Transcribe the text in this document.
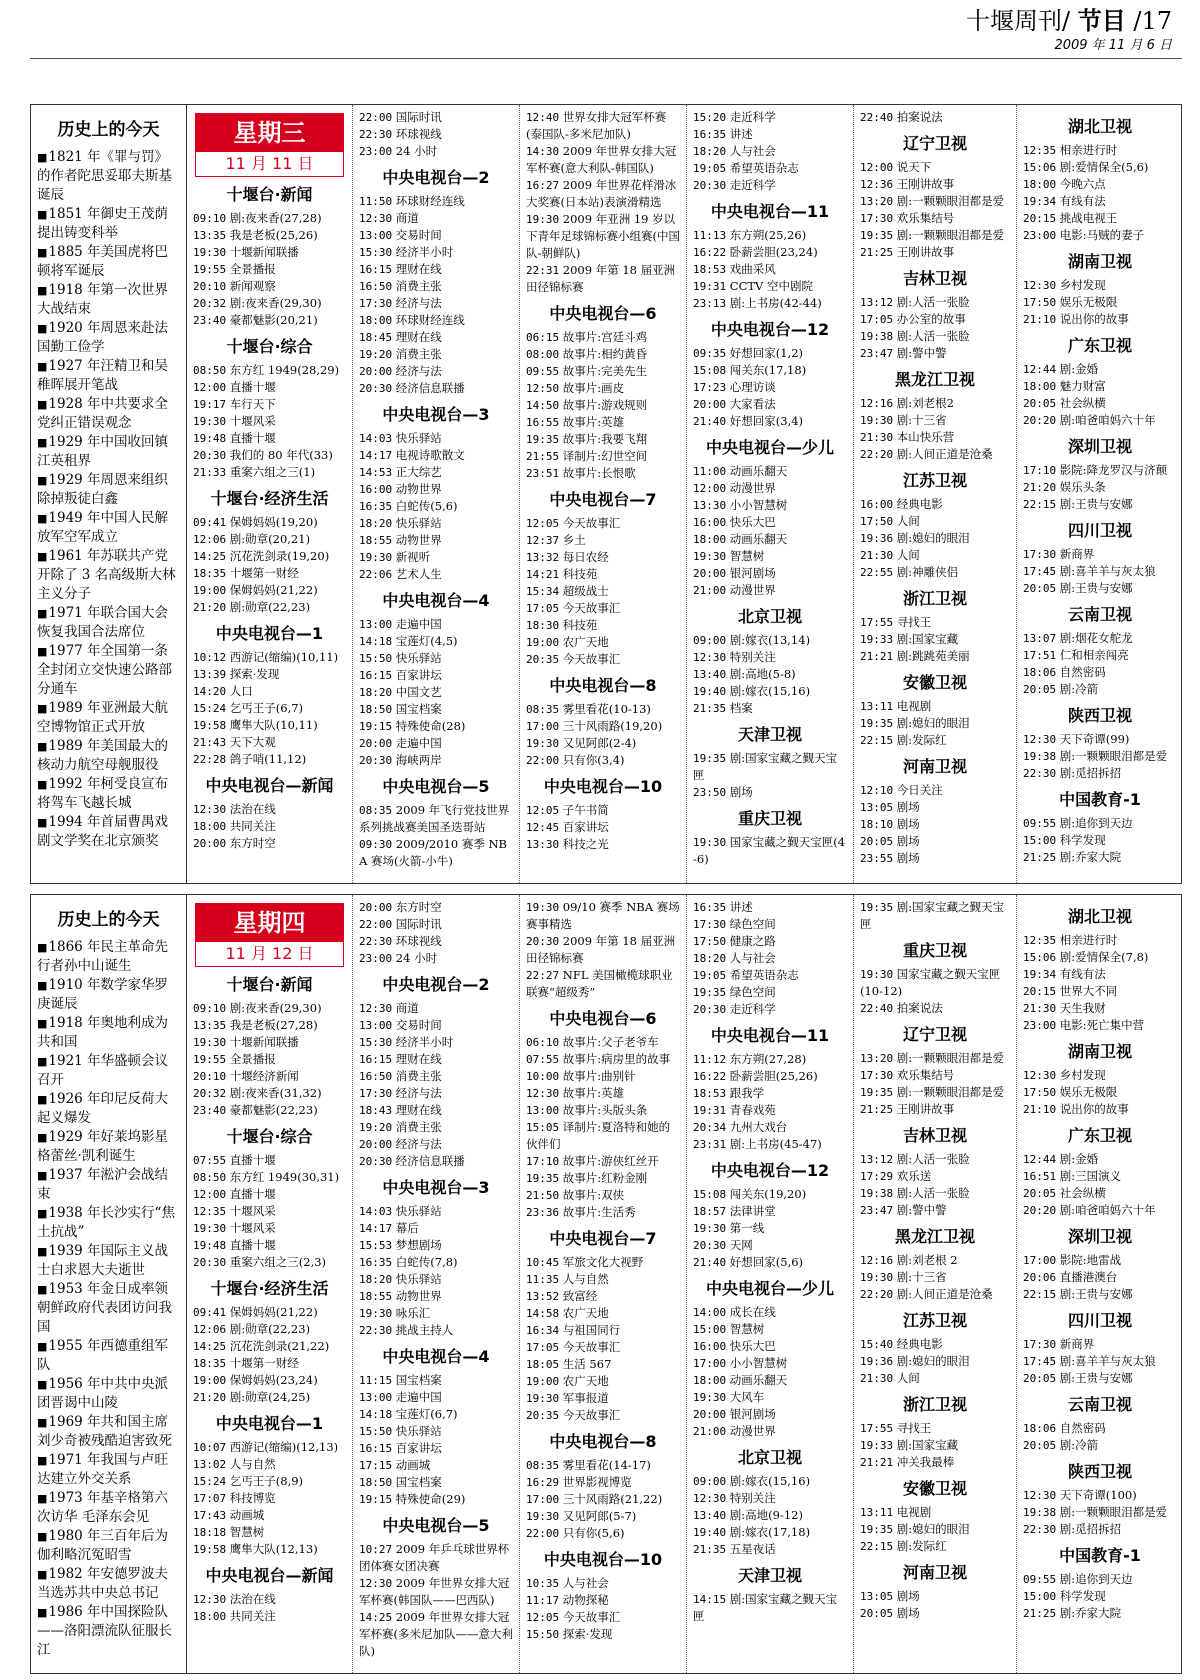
十堰周刊/ 节目 /17
2009 年 11 月 6 日
历史上的今天

■ 1821 年《罪与罚》的作者陀思妥耶夫斯基诞辰

■ 1851 年御史王茂荫提出铸变科举

■ 1885 年美国虎将巴顿将军诞辰

■ 1918 年第一次世界大战结束

■ 1920 年周恩来赴法国勤工俭学

■ 1927 年汪精卫和吴稚晖展开笔战

■ 1928 年中共要求全党纠正错误观念

■ 1929 年中国收回镇江英租界

■ 1929 年周恩来组织除掉叛徒白鑫

■ 1949 年中国人民解放军空军成立

■ 1961 年苏联共产党开除了 3 名高级斯大林主义分子

■ 1971 年联合国大会恢复我国合法席位

■ 1977 年全国第一条全封闭立交快速公路部分通车

■ 1989 年亚洲最大航空博物馆正式开放

■ 1989 年美国最大的核动力航空母舰服役

■ 1992 年柯受良宣布将驾车飞越长城

■ 1994 年首届曹禺戏剧文学奖在北京颁奖

星期三
11 月 11 日
十堰台·新闻

09:10 剧:夜来香(27,28)

13:35 我是老板(25,26)

19:30 十堰新闻联播

19:55 全景播报

20:10 新闻观察

20:32 剧:夜来香(29,30)

23:40 豪都魅影(20,21)

十堰台·综合

08:50 东方红 1949(28,29)

12:00 直播十堰

19:17 车行天下

19:30 十堰风采

19:48 直播十堰

20:30 我们的 80 年代(33)

21:33 重案六组之三(1)

十堰台·经济生活

09:41 保姆妈妈(19,20)

12:06 剧:勋章(20,21)

14:25 沉花洗剑录(19,20)

18:35 十堰第一财经

19:00 保姆妈妈(21,22)

21:20 剧:勋章(22,23)

中央电视台—1

10:12 西游记(缩编)(10,11)

13:39 探索·发现

14:20 人口

15:24 乞丐王子(6,7)

19:58 鹰隼大队(10,11)

21:43 天下大观

22:28 鸽子哨(11,12)

中央电视台—新闻

12:30 法治在线

18:00 共同关注

20:00 东方时空

22:00 国际时讯

22:30 环球视线

23:00 24 小时

中央电视台—2

11:50 环球财经连线

12:30 商道

13:00 交易时间

15:30 经济半小时

16:15 理财在线

16:50 消费主张

17:30 经济与法

18:00 环球财经连线

18:45 理财在线

19:20 消费主张

20:00 经济与法

20:30 经济信息联播

中央电视台—3

14:03 快乐驿站

14:17 电视诗歌散文

14:53 正大综艺

16:00 动物世界

16:35 白蛇传(5,6)

18:20 快乐驿站

18:55 动物世界

19:30 新视听

22:06 艺术人生

中央电视台—4

13:00 走遍中国

14:18 宝莲灯(4,5)

15:50 快乐驿站

16:15 百家讲坛

18:20 中国文艺

18:50 国宝档案

19:15 特殊使命(28)

20:00 走遍中国

20:30 海峡两岸

中央电视台—5

08:35 2009 年飞行党技世界系列挑战赛美国圣迭哥站

09:30 2009/2010 赛季 NBA 赛场(火箭-小牛)

12:40 世界女排大冠军杯赛(泰国队-多米尼加队)

14:30 2009 年世界女排大冠军杯赛(意大利队-韩国队)

16:27 2009 年世界花样滑冰大奖赛(日本站)表演滑精选

19:30 2009 年亚洲 19 岁以下青年足球锦标赛小组赛(中国队-朝鲜队)

22:31 2009 年第 18 届亚洲田径锦标赛

中央电视台—6

06:15 故事片:宫廷斗鸡

08:00 故事片:相约黄昏

09:55 故事片:完美先生

12:50 故事片:画皮

14:50 故事片:游戏规则

16:55 故事片:英雄

19:35 故事片:我要飞翔

21:55 译制片:幻世空间

23:51 故事片:长恨歌

中央电视台—7

12:05 今天故事汇

12:37 乡土

13:32 每日农经

14:21 科技苑

15:34 超级战士

17:05 今天故事汇

18:30 科技苑

19:00 农广天地

20:35 今天故事汇

中央电视台—8

08:35 雾里看花(10-13)

17:00 三十风雨路(19,20)

19:30 又见阿郎(2-4)

22:00 只有你(3,4)

中央电视台—10

12:05 子午书简

12:45 百家讲坛

13:30 科技之光

15:20 走近科学

16:35 讲述

18:20 人与社会

19:05 希望英语杂志

20:30 走近科学

中央电视台—11

11:13 东方朔(25,26)

16:22 卧薪尝胆(23,24)

18:53 戏曲采风

19:31 CCTV 空中剧院

23:13 剧:上书房(42-44)

中央电视台—12

09:35 好想回家(1,2)

15:08 闯关东(17,18)

17:23 心理访谈

20:00 大家看法

21:40 好想回家(3,4)

中央电视台—少儿

11:00 动画乐翻天

12:00 动漫世界

13:30 小小智慧树

16:00 快乐大巴

18:00 动画乐翻天

19:30 智慧树

20:00 银河剧场

21:00 动漫世界

北京卫视

09:00 剧:嫁衣(13,14)

12:30 特别关注

13:40 剧:高地(5-8)

19:40 剧:嫁衣(15,16)

21:35 档案

天津卫视

19:35 剧:国家宝藏之觐天宝匣

23:50 剧场

重庆卫视

19:30 国家宝藏之觐天宝匣(4-6)

22:40 拍案说法

辽宁卫视

12:00 说天下

12:36 王刚讲故事

13:20 剧:一颗颗眼泪都是爱

17:30 欢乐集结号

19:35 剧:一颗颗眼泪都是爱

21:25 王刚讲故事

吉林卫视

13:12 剧:人活一张脸

17:05 办公室的故事

19:38 剧:人活一张脸

23:47 剧:警中警

黑龙江卫视

12:16 剧:刘老根2

19:30 剧:十三省

21:30 本山快乐营

22:20 剧:人间正道是沧桑

江苏卫视

16:00 经典电影

17:50 人间

19:36 剧:媳妇的眼泪

21:30 人间

22:55 剧:神雕侠侣

浙江卫视

17:55 寻找王

19:33 剧:国家宝藏

21:21 剧:跳跳苑美丽

安徽卫视

13:11 电视剧

19:35 剧:媳妇的眼泪

22:15 剧:发际红

河南卫视

12:10 今日关注

13:05 剧场

18:10 剧场

20:05 剧场

23:55 剧场

湖北卫视

12:35 相亲进行时

15:06 剧:爱情保全(5,6)

18:00 今晚六点

19:34 有线有法

20:15 挑战电视王

23:00 电影:马贼的妻子

湖南卫视

12:30 乡村发现

17:50 娱乐无极限

21:10 说出你的故事

广东卫视

12:44 剧:金婚

18:00 魅力财富

20:05 社会纵横

20:20 剧:咱爸咱妈六十年

深圳卫视

17:10 影院:降龙罗汉与济颠

21:20 娱乐头条

22:15 剧:王贵与安娜

四川卫视

17:30 新商界

17:45 剧:喜羊羊与灰太狼

20:05 剧:王贵与安娜

云南卫视

13:07 剧:烟花女舵龙

17:51 仁和相亲闯亮

18:06 自然密码

20:05 剧:冷箭

陕西卫视

12:30 天下奇谭(99)

19:38 剧:一颗颗眼泪都是爱

22:30 剧:觅招拆招

中国教育-1

09:55 剧:追你到天边

15:00 科学发现

21:25 剧:乔家大院

历史上的今天

■ 1866 年民主革命先行者孙中山诞生

■ 1910 年数学家华罗庚诞辰

■ 1918 年奥地利成为共和国

■ 1921 年华盛顿会议召开

■ 1926 年印尼反荷大起义爆发

■ 1929 年好莱坞影星格蕾丝·凯利诞生

■ 1937 年淞沪会战结束

■ 1938 年长沙实行“焦土抗战”

■ 1939 年国际主义战士白求恩大夫逝世

■ 1953 年金日成率领朝鲜政府代表团访问我国

■ 1955 年西德重组军队

■ 1956 年中共中央派团晋谒中山陵

■ 1969 年共和国主席刘少奇被残酷迫害致死

■ 1971 年我国与卢旺达建立外交关系

■ 1973 年基辛格第六次访华 毛泽东会见

■ 1980 年三百年后为伽利略沉冤昭雪

■ 1982 年安德罗波夫当选苏共中央总书记

■ 1986 年中国探险队——洛阳漂流队征服长江

星期四
11 月 12 日
十堰台·新闻

09:10 剧:夜来香(29,30)

13:35 我是老板(27,28)

19:30 十堰新闻联播

19:55 全景播报

20:10 十堰经济新闻

20:32 剧:夜来香(31,32)

23:40 豪都魅影(22,23)

十堰台·综合

07:55 直播十堰

08:50 东方红 1949(30,31)

12:00 直播十堰

12:35 十堰风采

19:30 十堰风采

19:48 直播十堰

20:30 重案六组之三(2,3)

十堰台·经济生活

09:41 保姆妈妈(21,22)

12:06 剧:勋章(22,23)

14:25 沉花洗剑录(21,22)

18:35 十堰第一财经

19:00 保姆妈妈(23,24)

21:20 剧:勋章(24,25)

中央电视台—1

10:07 西游记(缩编)(12,13)

13:02 人与自然

15:24 乞丐王子(8,9)

17:07 科技博览

17:43 动画城

18:18 智慧树

19:58 鹰隼大队(12,13)

中央电视台—新闻

12:30 法治在线

18:00 共同关注

20:00 东方时空

22:00 国际时讯

22:30 环球视线

23:00 24 小时

中央电视台—2

12:30 商道

13:00 交易时间

15:30 经济半小时

16:15 理财在线

16:50 消费主张

17:30 经济与法

18:43 理财在线

19:20 消费主张

20:00 经济与法

20:30 经济信息联播

中央电视台—3

14:03 快乐驿站

14:17 幕后

15:53 梦想剧场

16:35 白蛇传(7,8)

18:20 快乐驿站

18:55 动物世界

19:30 咏乐汇

22:30 挑战主持人

中央电视台—4

11:15 国宝档案

13:00 走遍中国

14:18 宝莲灯(6,7)

15:50 快乐驿站

16:15 百家讲坛

17:15 动画城

18:50 国宝档案

19:15 特殊使命(29)

中央电视台—5

10:27 2009 年乒乓球世界杯团体赛女团决赛

12:30 2009 年世界女排大冠军杯赛(韩国队——巴西队)

14:25 2009 年世界女排大冠军杯赛(多米尼加队——意大利队)

19:30 09/10 赛季 NBA 赛场赛事精选

20:30 2009 年第 18 届亚洲田径锦标赛

22:27 NFL 美国橄榄球职业联赛“超级秀”

中央电视台—6

06:10 故事片:父子老爷车

07:55 故事片:病房里的故事

10:00 故事片:曲别针

12:30 故事片:英雄

13:00 故事片:头版头条

15:05 译制片:夏洛特和她的伙伴们

17:10 故事片:游侠红丝开

19:35 故事片:红粉金刚

21:50 故事片:双侠

23:36 故事片:生活秀

中央电视台—7

10:45 军旅文化大视野

11:35 人与自然

13:52 致富经

14:58 农广天地

16:34 与祖国同行

17:05 今天故事汇

18:05 生活 567

19:00 农广天地

19:30 军事报道

20:35 今天故事汇

中央电视台—8

08:35 雾里看花(14-17)

16:29 世界影视博览

17:00 三十风雨路(21,22)

19:30 又见阿郎(5-7)

22:00 只有你(5,6)

中央电视台—10

10:35 人与社会

11:17 动物探秘

12:05 今天故事汇

15:50 探索·发现

16:35 讲述

17:30 绿色空间

17:50 健康之路

18:20 人与社会

19:05 希望英语杂志

19:35 绿色空间

20:30 走近科学

中央电视台—11

11:12 东方朔(27,28)

16:22 卧薪尝胆(25,26)

18:53 跟我学

19:31 青春戏苑

20:34 九州大戏台

23:31 剧:上书房(45-47)

中央电视台—12

15:08 闯关东(19,20)

18:57 法律讲堂

19:30 第一线

20:30 天网

21:40 好想回家(5,6)

中央电视台—少儿

14:00 成长在线

15:00 智慧树

16:00 快乐大巴

17:00 小小智慧树

18:00 动画乐翻天

19:30 大风车

20:00 银河剧场

21:00 动漫世界

北京卫视

09:00 剧:嫁衣(15,16)

12:30 特别关注

13:40 剧:高地(9-12)

19:40 剧:嫁衣(17,18)

21:35 五星夜话

天津卫视

14:15 剧:国家宝藏之觐天宝匣

19:35 剧:国家宝藏之觐天宝匣

重庆卫视

19:30 国家宝藏之觐天宝匣(10-12)

22:40 拍案说法

辽宁卫视

13:20 剧:一颗颗眼泪都是爱

17:30 欢乐集结号

19:35 剧:一颗颗眼泪都是爱

21:25 王刚讲故事

吉林卫视

13:12 剧:人活一张脸

17:29 欢乐送

19:38 剧:人活一张脸

23:47 剧:警中警

黑龙江卫视

12:16 剧:刘老根 2

19:30 剧:十三省

22:20 剧:人间正道是沧桑

江苏卫视

15:40 经典电影

19:36 剧:媳妇的眼泪

21:30 人间

浙江卫视

17:55 寻找王

19:33 剧:国家宝藏

21:21 冲关我最棒

安徽卫视

13:11 电视剧

19:35 剧:媳妇的眼泪

22:15 剧:发际红

河南卫视

13:05 剧场

20:05 剧场

湖北卫视

12:35 相亲进行时

15:06 剧:爱情保全(7,8)

19:34 有线有法

20:15 世界大不同

21:30 天生我财

23:00 电影:死亡集中营

湖南卫视

12:30 乡村发现

17:50 娱乐无极限

21:10 说出你的故事

广东卫视

12:44 剧:金婚

16:51 剧:三国演义

20:05 社会纵横

20:20 剧:咱爸咱妈六十年

深圳卫视

17:00 影院:地雷战

20:06 直播港澳台

22:15 剧:王贵与安娜

四川卫视

17:30 新商界

17:45 剧:喜羊羊与灰太狼

20:05 剧:王贵与安娜

云南卫视

18:06 自然密码

20:05 剧:冷箭

陕西卫视

12:30 天下奇谭(100)

19:38 剧:一颗颗眼泪都是爱

22:30 剧:觅招拆招

中国教育-1

09:55 剧:追你到天边

15:00 科学发现

21:25 剧:乔家大院
